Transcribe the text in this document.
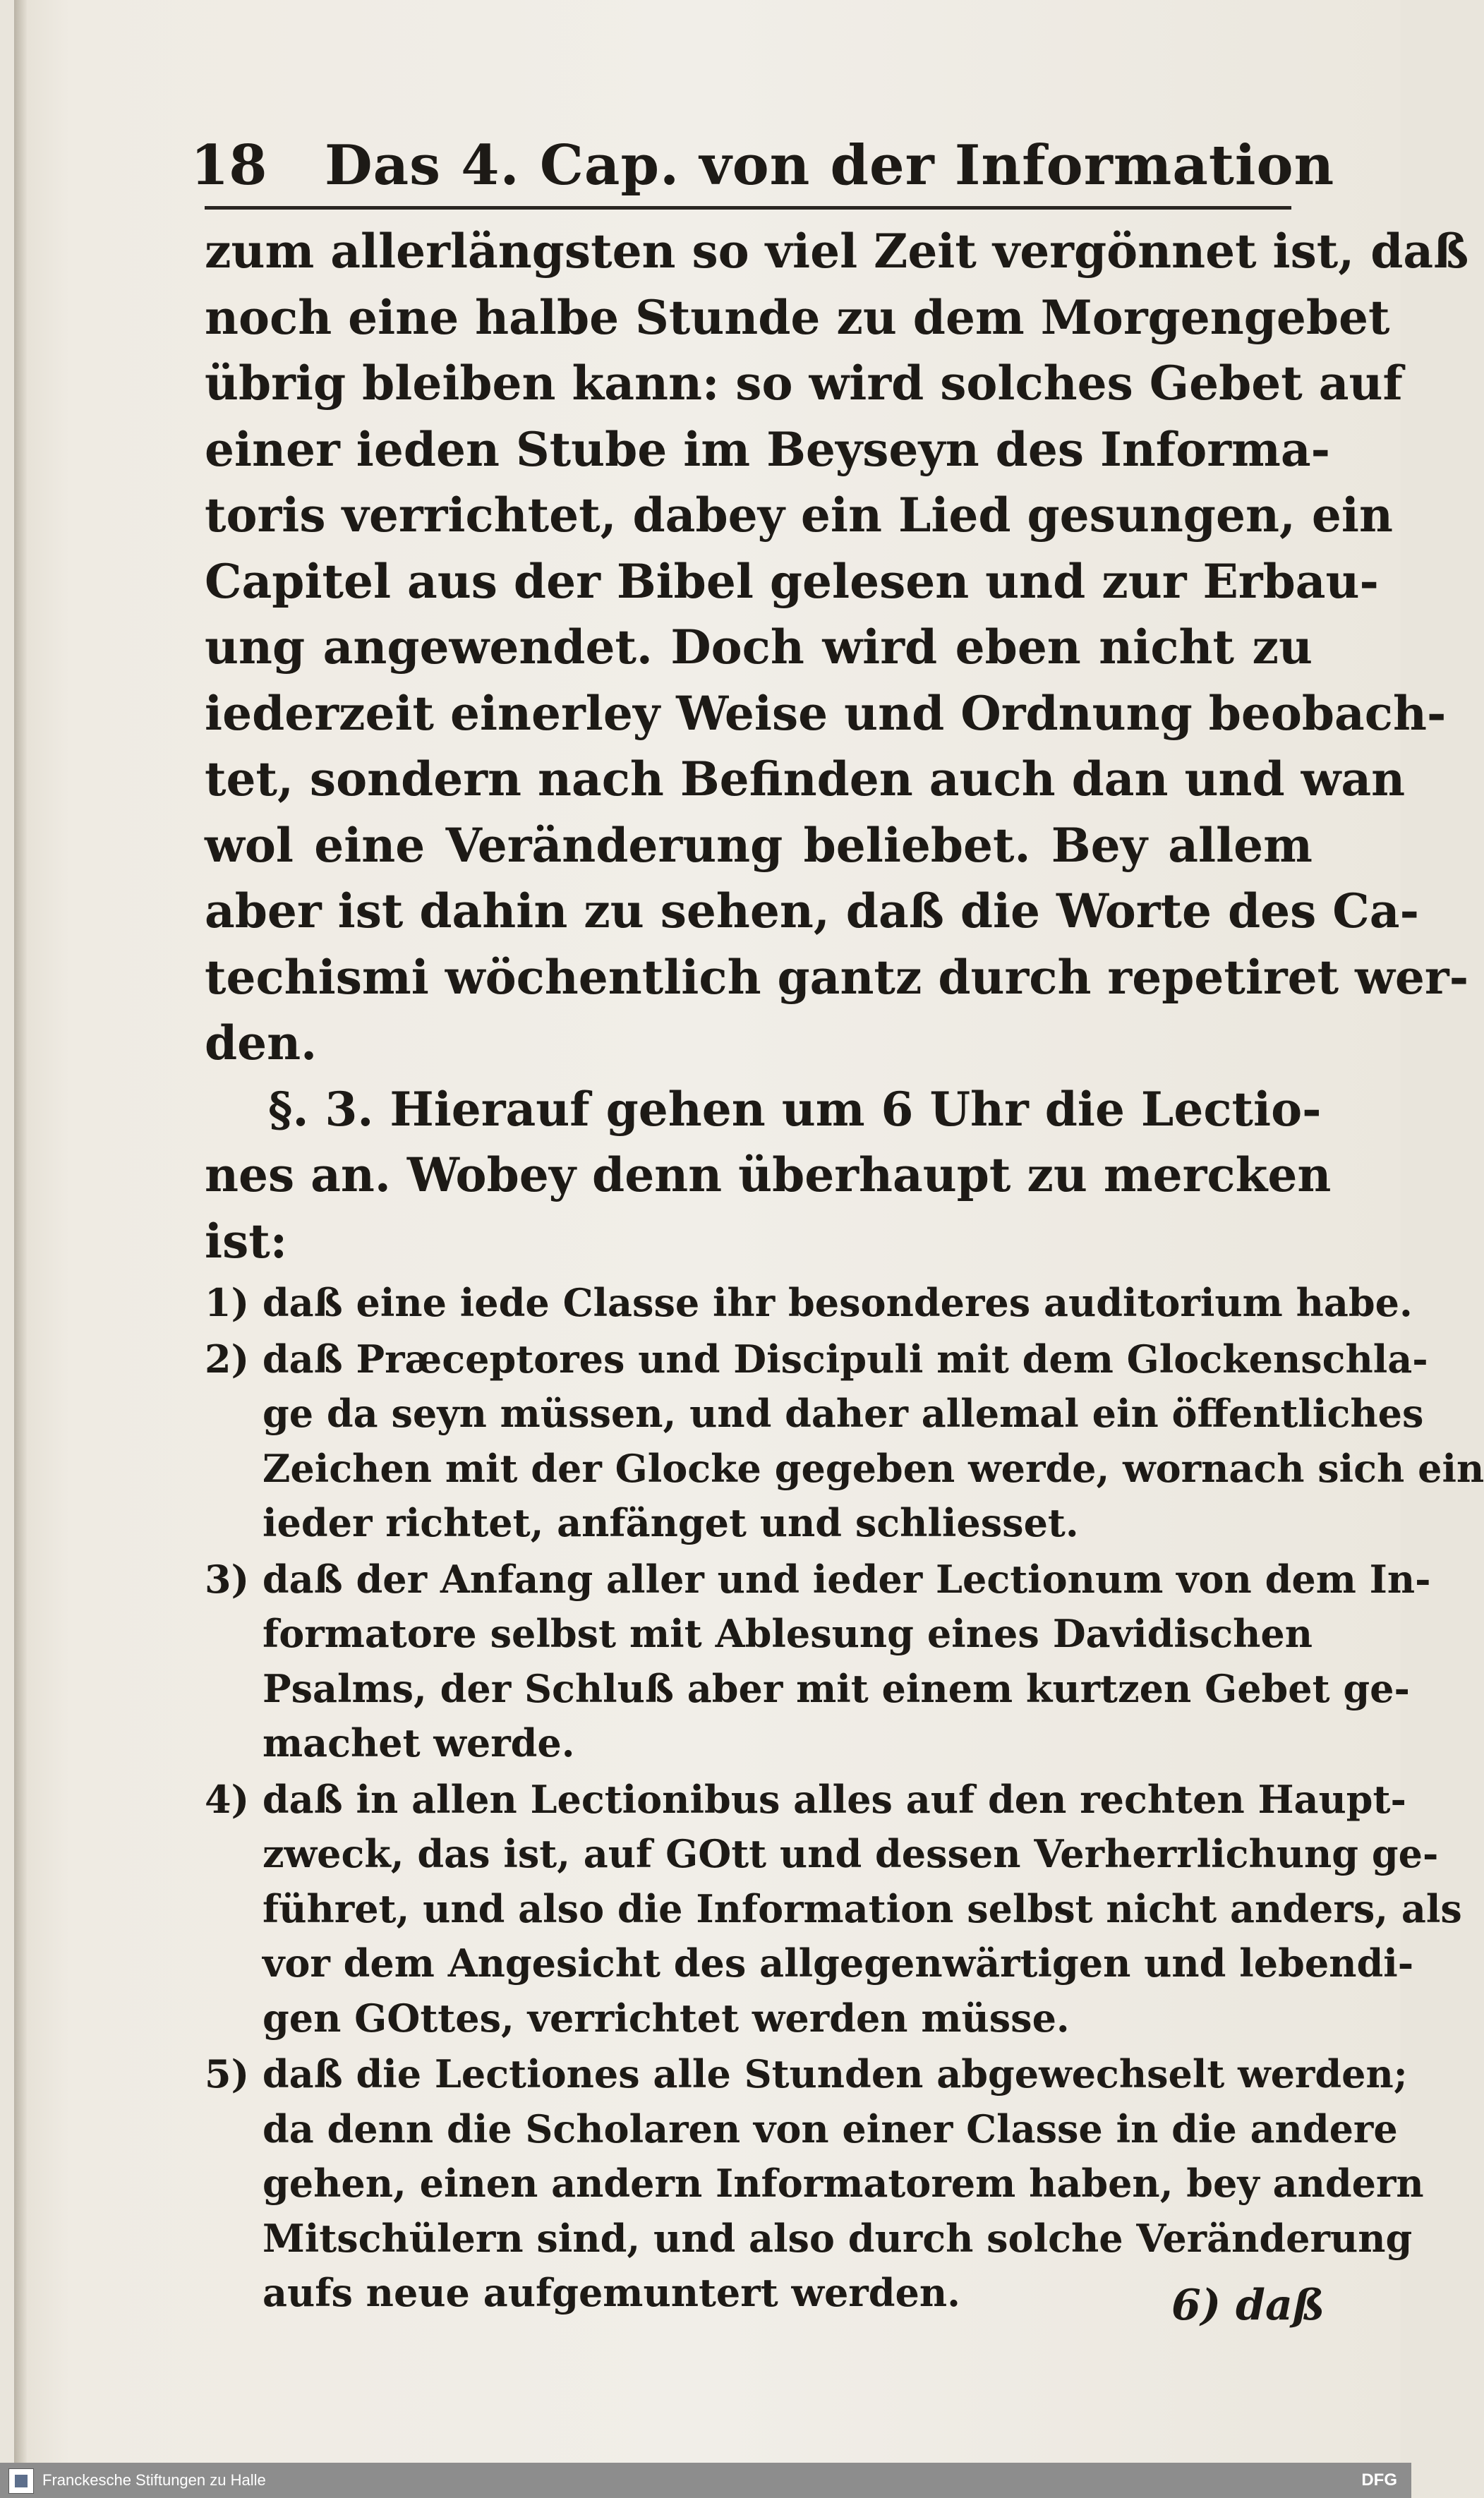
18 Das 4. Cap. von der Information
zum allerlängsten so viel Zeit vergönnet ist, daß
noch eine halbe Stunde zu dem Morgengebet
übrig bleiben kann: so wird solches Gebet auf
einer ieden Stube im Beyseyn des Informa-
toris verrichtet, dabey ein Lied gesungen, ein
Capitel aus der Bibel gelesen und zur Erbau-
ung angewendet. Doch wird eben nicht zu
iederzeit einerley Weise und Ordnung beobach-
tet, sondern nach Befinden auch dan und wan
wol eine Veränderung beliebet. Bey allem
aber ist dahin zu sehen, daß die Worte des Ca-
techismi wöchentlich gantz durch repetiret wer-
den.
§. 3. Hierauf gehen um 6 Uhr die Lectio-
nes an. Wobey denn überhaupt zu mercken
ist:
1) daß eine iede Classe ihr besonderes auditorium habe.
2) daß Præceptores und Discipuli mit dem Glockenschla-
ge da seyn müssen, und daher allemal ein öffentliches
Zeichen mit der Glocke gegeben werde, wornach sich ein
ieder richtet, anfänget und schliesset.
3) daß der Anfang aller und ieder Lectionum von dem In-
formatore selbst mit Ablesung eines Davidischen
Psalms, der Schluß aber mit einem kurtzen Gebet ge-
machet werde.
4) daß in allen Lectionibus alles auf den rechten Haupt-
zweck, das ist, auf GOtt und dessen Verherrlichung ge-
führet, und also die Information selbst nicht anders, als
vor dem Angesicht des allgegenwärtigen und lebendi-
gen GOttes, verrichtet werden müsse.
5) daß die Lectiones alle Stunden abgewechselt werden;
da denn die Scholaren von einer Classe in die andere
gehen, einen andern Informatorem haben, bey andern
Mitschülern sind, und also durch solche Veränderung
aufs neue aufgemuntert werden.	6) daß
Franckesche Stiftungen zu Halle	DFG
